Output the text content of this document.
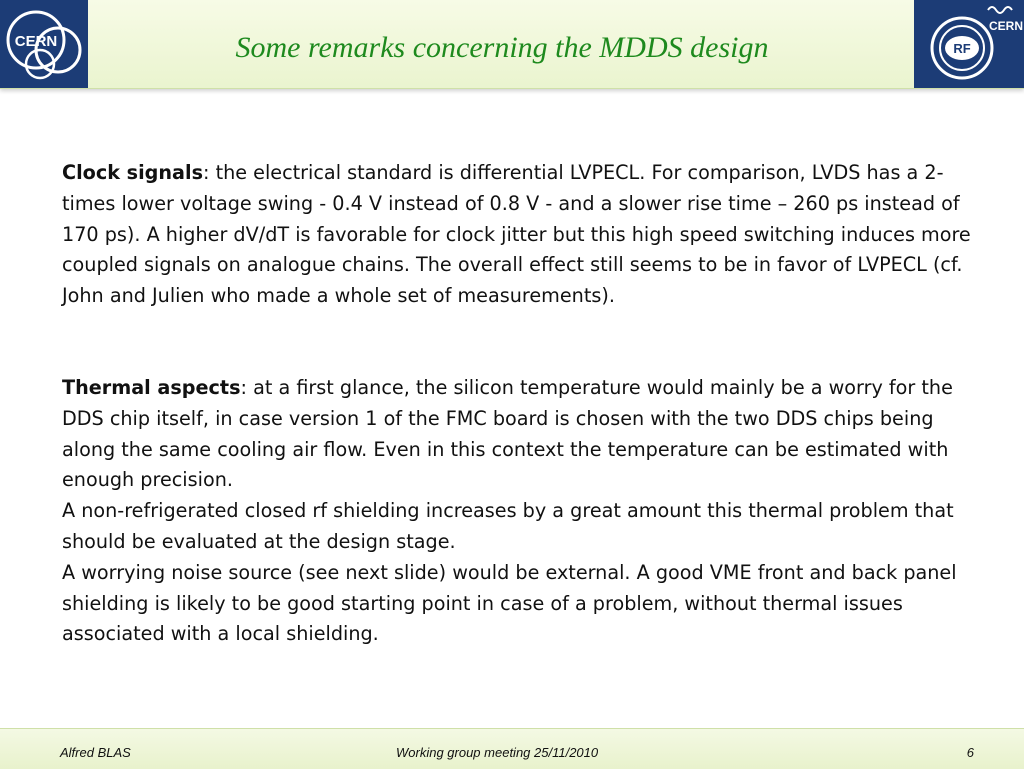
CERN	Some remarks concerning the MDDS design	RF
CERN

Clock signals: the electrical standard is differential LVPECL. For comparison, LVDS has a 2-times lower voltage swing - 0.4 V instead of 0.8 V - and a slower rise time – 260 ps instead of 170 ps). A higher dV/dT is favorable for clock jitter but this high speed switching induces more coupled signals on analogue chains. The overall effect still seems to be in favor of LVPECL (cf. John and Julien who made a whole set of measurements).

Thermal aspects: at a first glance, the silicon temperature would mainly be a worry for the DDS chip itself, in case version 1 of the FMC board is chosen with the two DDS chips being along the same cooling air flow. Even in this context the temperature can be estimated with enough precision.

A non-refrigerated closed rf shielding increases by a great amount this thermal problem that should be evaluated at the design stage.

A worrying noise source (see next slide) would be external. A good VME front and back panel shielding is likely to be good starting point in case of a problem, without thermal issues associated with a local shielding.

Alfred BLAS	Working group meeting 25/11/2010	6
